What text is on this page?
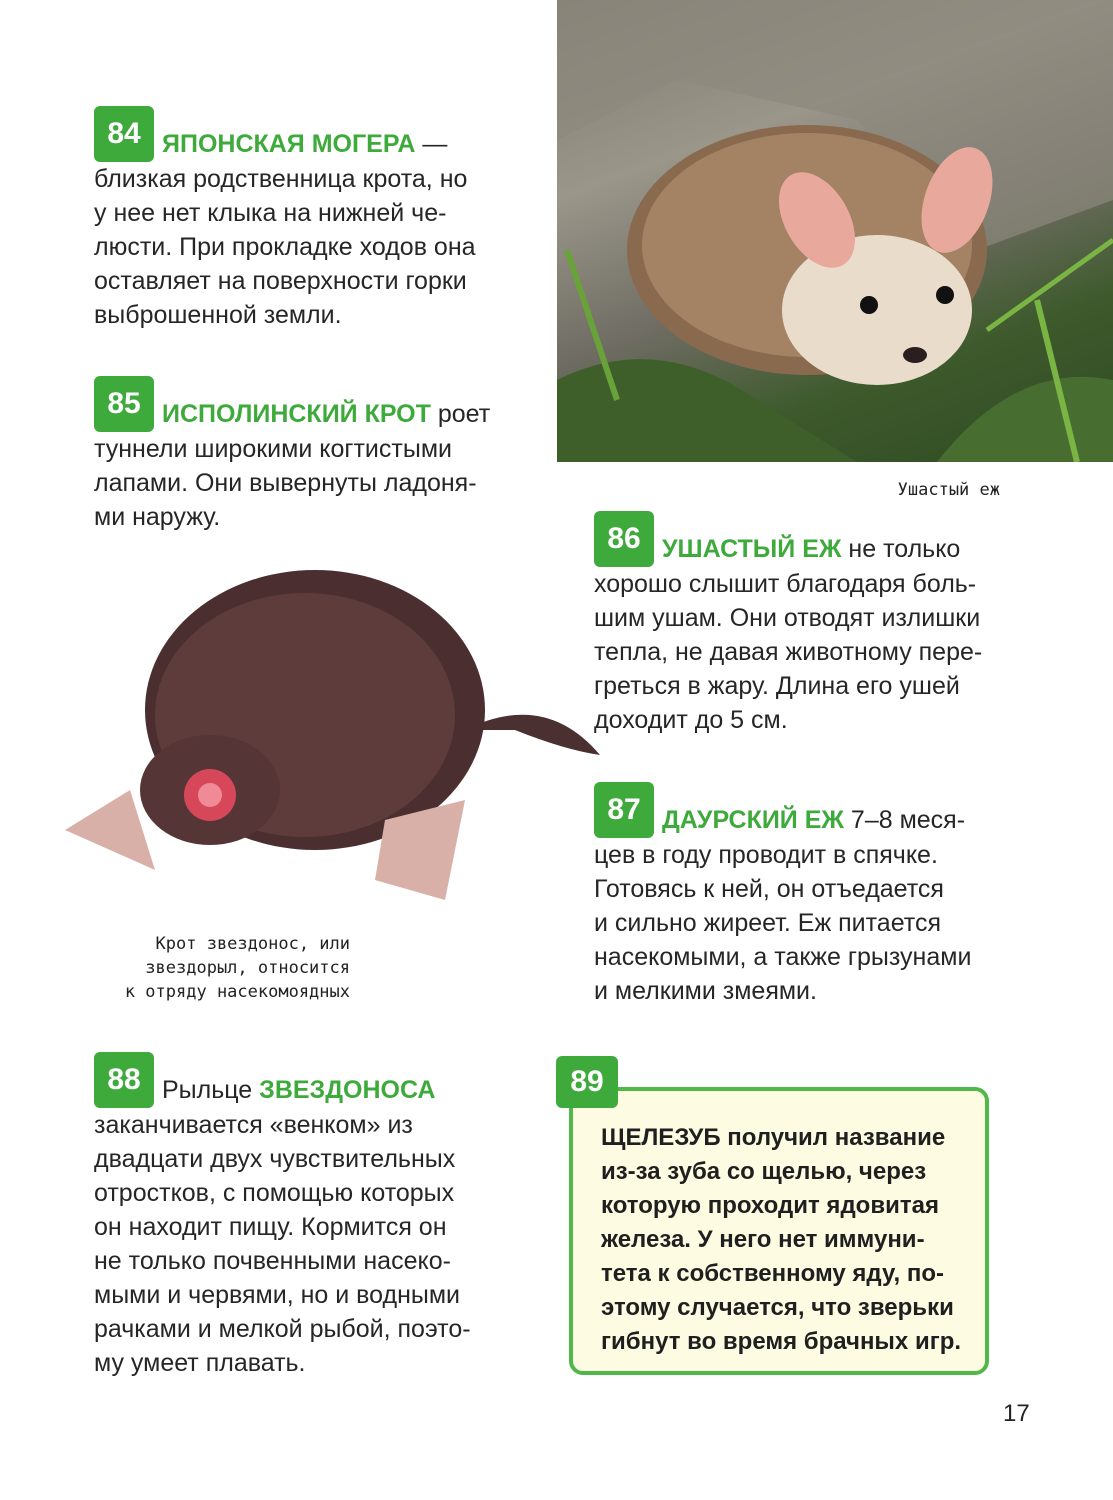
84 ЯПОНСКАЯ МОГЕРА —
близкая родственница крота, но
у нее нет клыка на нижней че-
люсти. При прокладке ходов она
оставляет на поверхности горки
выброшенной земли.
85 ИСПОЛИНСКИЙ КРОТ роет
туннели широкими когтистыми
лапами. Они вывернуты ладоня-
ми наружу.
Ушастый еж
Крот звездонос, или
звездорыл, относится
к отряду насекомоядных
86 УШАСТЫЙ ЕЖ не только
хорошо слышит благодаря боль-
шим ушам. Они отводят излишки
тепла, не давая животному пере-
греться в жару. Длина его ушей
доходит до 5 см.
87 ДАУРСКИЙ ЕЖ 7–8 меся-
цев в году проводит в спячке.
Готовясь к ней, он отъедается
и сильно жиреет. Еж питается
насекомыми, а также грызунами
и мелкими змеями.
88 Рыльце ЗВЕЗДОНОСА
заканчивается «венком» из
двадцати двух чувствительных
отростков, с помощью которых
он находит пищу. Кормится он
не только почвенными насеко-
мыми и червями, но и водными
рачками и мелкой рыбой, поэто-
му умеет плавать.
ЩЕЛЕЗУБ получил название
из-за зуба со щелью, через
которую проходит ядовитая
железа. У него нет иммуни-
тета к собственному яду, по-
этому случается, что зверьки
гибнут во время брачных игр.
89
17
